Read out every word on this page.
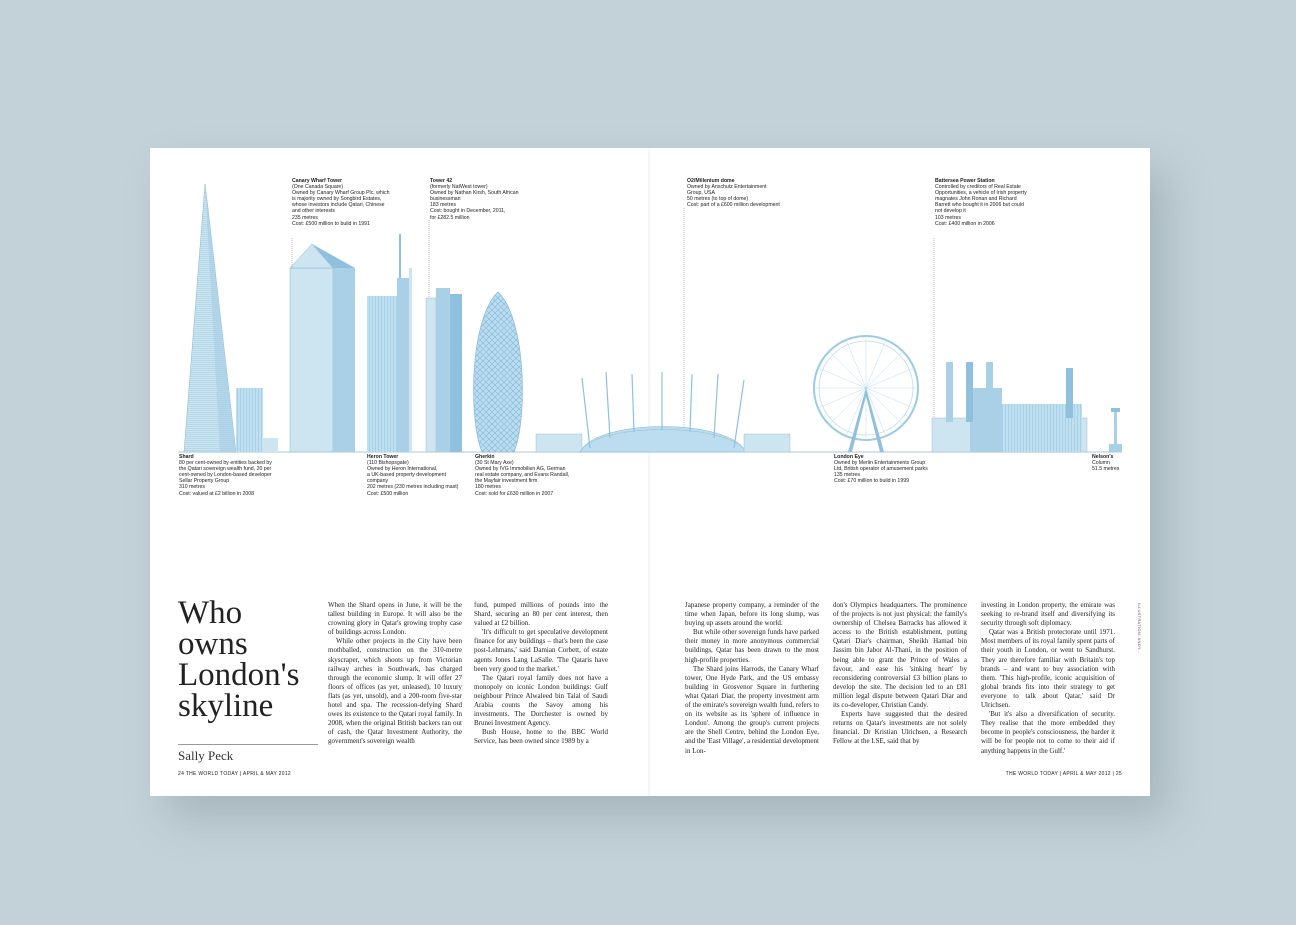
Shard
80 per cent-owned by entities backed by
the Qatari sovereign wealth fund, 20 per
cent-owned by London-based developer
Sellar Property Group
310 metres
Cost: valued at £2 billion in 2008
Canary Wharf Tower
(One Canada Square)
Owned by Canary Wharf Group Plc, which
is majority owned by Songbird Estates,
whose investors include Qatari, Chinese
and other interests
235 metres
Cost: £500 million to build in 1991
Heron Tower
(110 Bishopsgate)
Owned by Heron International,
a UK-based property development
company
202 metres (230 metres including mast)
Cost: £500 million
Tower 42
(formerly NatWest tower)
Owned by Nathan Kirsh, South African
businessman
183 metres
Cost: bought in December, 2011,
for £282.5 million
Gherkin
(30 St Mary Axe)
Owned by IVG Immobilien AG, German
real estate company, and Evans Randall,
the Mayfair investment firm
180 metres
Cost: sold for £630 million in 2007
O2/Millenium dome
Owned by Anschutz Entertainment
Group, USA
50 metres (to top of dome)
Cost: part of a £600 million development
London Eye
Owned by Merlin Entertainments Group
Ltd, British operator of amusement parks
135 metres
Cost: £70 million to build in 1999
Battersea Power Station
Controlled by creditors of Real Estate
Opportunities, a vehicle of Irish property
magnates John Ronan and Richard
Barrett who bought it in 2006 but could
not develop it
103 metres
Cost: £400 million in 2006
Nelson's
Column
51.5 metres
Who owns London's skyline
Sally Peck

When the Shard opens in June, it will be the tallest building in Europe. It will also be the crowning glory in Qatar's growing trophy case of buildings across London.

While other projects in the City have been mothballed, construction on the 310-metre skyscraper, which shoots up from Victorian railway arches in Southwark, has charged through the economic slump. It will offer 27 floors of offices (as yet, unleased), 10 luxury flats (as yet, unsold), and a 200-room five-star hotel and spa. The recession-defying Shard owes its existence to the Qatari royal family. In 2008, when the original British backers ran out of cash, the Qatar Investment Authority, the government's sovereign wealth

fund, pumped millions of pounds into the Shard, securing an 80 per cent interest, then valued at £2 billion.

'It's difficult to get speculative development finance for any buildings – that's been the case post-Lehmans,' said Damian Corbett, of estate agents Jones Lang LaSalle. 'The Qataris have been very good to the market.'

The Qatari royal family does not have a monopoly on iconic London buildings: Gulf neighbour Prince Alwaleed bin Talal of Saudi Arabia counts the Savoy among his investments. The Dorchester is owned by Brunei Investment Agency.

Bush House, home to the BBC World Service, has been owned since 1989 by a

Japanese property company, a reminder of the time when Japan, before its long slump, was buying up assets around the world.

But while other sovereign funds have parked their money in more anonymous commercial buildings, Qatar has been drawn to the most high-profile properties.

The Shard joins Harrods, the Canary Wharf tower, One Hyde Park, and the US embassy building in Grosvenor Square in furthering what Qatari Diar, the property investment arm of the emirate's sovereign wealth fund, refers to on its website as its 'sphere of influence in London'. Among the group's current projects are the Shell Centre, behind the London Eye, and the 'East Village', a residential development in Lon-

don's Olympics headquarters. The prominence of the projects is not just physical: the family's ownership of Chelsea Barracks has allowed it access to the British establishment, putting Qatari Diar's chairman, Sheikh Hamad bin Jassim bin Jabor Al-Thani, in the position of being able to grant the Prince of Wales a favour, and ease his 'sinking heart' by reconsidering controversial £3 billion plans to develop the site. The decision led to an £81 million legal dispute between Qatari Diar and its co-developer, Christian Candy.

Experts have suggested that the desired returns on Qatar's investments are not solely financial. Dr Kristian Ulrichsen, a Research Fellow at the LSE, said that by

investing in London property, the emirate was seeking to re-brand itself and diversifying its security through soft diplomacy.

Qatar was a British protectorate until 1971. Most members of its royal family spent parts of their youth in London, or went to Sandhurst. They are therefore familiar with Britain's top brands – and want to buy association with them. 'This high-profile, iconic acquisition of global brands fits into their strategy to get everyone to talk about Qatar,' said Dr Ulrichsen.

'But it's also a diversification of security. They realise that the more embedded they become in people's consciousness, the harder it will be for people not to come to their aid if anything happens in the Gulf.'

ILLUSTRATION: ANDY...
24 THE WORLD TODAY | APRIL & MAY 2012	THE WORLD TODAY | APRIL & MAY 2012 | 25
